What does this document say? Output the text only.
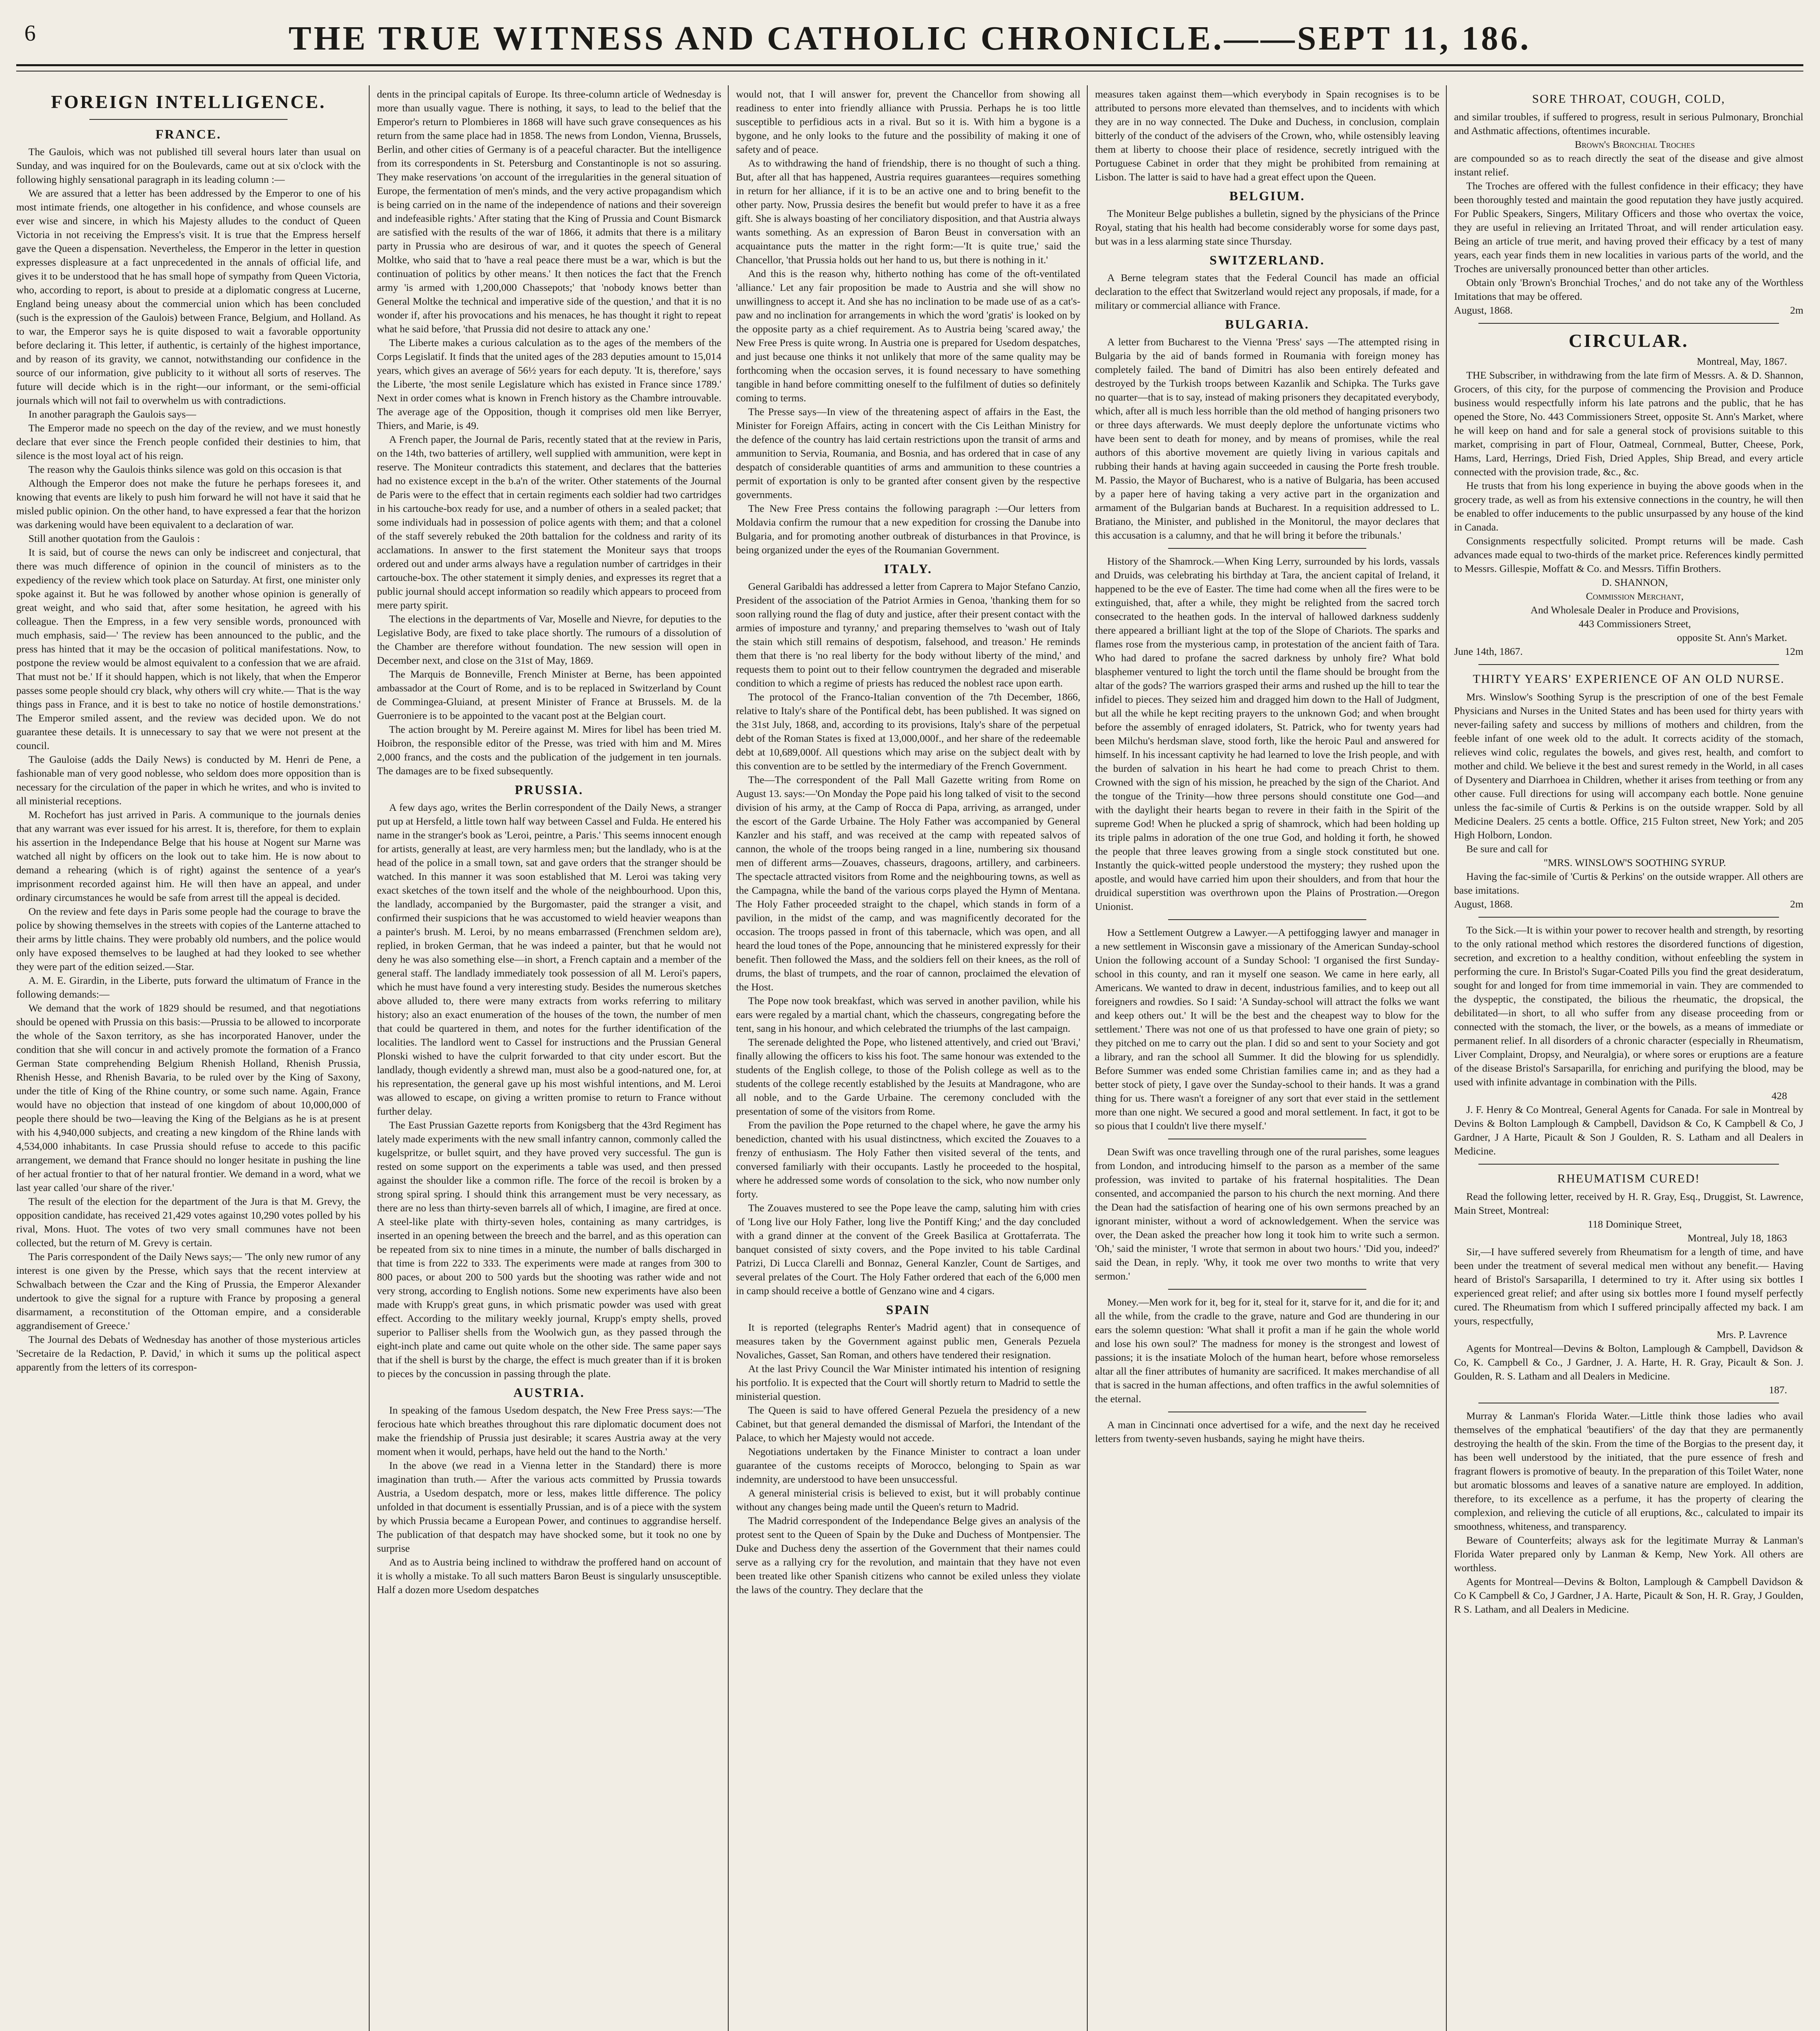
6	THE TRUE WITNESS AND CATHOLIC CHRONICLE.——SEPT 11, 186.
FOREIGN INTELLIGENCE.
FRANCE.

The Gaulois, which was not published till several hours later than usual on Sunday, and was inquired for on the Boulevards, came out at six o'clock with the following highly sensational paragraph in its leading column :—

We are assured that a letter has been addressed by the Emperor to one of his most intimate friends, one altogether in his confidence, and whose counsels are ever wise and sincere, in which his Majesty alludes to the conduct of Queen Victoria in not receiving the Empress's visit. It is true that the Empress herself gave the Queen a dispensation. Nevertheless, the Emperor in the letter in question expresses displeasure at a fact unprecedented in the annals of official life, and gives it to be understood that he has small hope of sympathy from Queen Victoria, who, according to report, is about to preside at a diplomatic congress at Lucerne, England being uneasy about the commercial union which has been concluded (such is the expression of the Gaulois) between France, Belgium, and Holland. As to war, the Emperor says he is quite disposed to wait a favorable opportunity before declaring it. This letter, if authentic, is certainly of the highest importance, and by reason of its gravity, we cannot, notwithstanding our confidence in the source of our information, give publicity to it without all sorts of reserves. The future will decide which is in the right—our informant, or the semi-official journals which will not fail to overwhelm us with contradictions.

In another paragraph the Gaulois says—

The Emperor made no speech on the day of the review, and we must honestly declare that ever since the French people confided their destinies to him, that silence is the most loyal act of his reign.

The reason why the Gaulois thinks silence was gold on this occasion is that

Although the Emperor does not make the future he perhaps foresees it, and knowing that events are likely to push him forward he will not have it said that he misled public opinion. On the other hand, to have expressed a fear that the horizon was darkening would have been equivalent to a declaration of war.

Still another quotation from the Gaulois :

It is said, but of course the news can only be indiscreet and conjectural, that there was much difference of opinion in the council of ministers as to the expediency of the review which took place on Saturday. At first, one minister only spoke against it. But he was followed by another whose opinion is generally of great weight, and who said that, after some hesitation, he agreed with his colleague. Then the Empress, in a few very sensible words, pronounced with much emphasis, said—' The review has been announced to the public, and the press has hinted that it may be the occasion of political manifestations. Now, to postpone the review would be almost equivalent to a confession that we are afraid. That must not be.' If it should happen, which is not likely, that when the Emperor passes some people should cry black, why others will cry white.— That is the way things pass in France, and it is best to take no notice of hostile demonstrations.' The Emperor smiled assent, and the review was decided upon. We do not guarantee these details. It is unnecessary to say that we were not present at the council.

The Gauloise (adds the Daily News) is conducted by M. Henri de Pene, a fashionable man of very good noblesse, who seldom does more opposition than is necessary for the circulation of the paper in which he writes, and who is invited to all ministerial receptions.

M. Rochefort has just arrived in Paris. A communique to the journals denies that any warrant was ever issued for his arrest. It is, therefore, for them to explain his assertion in the Independance Belge that his house at Nogent sur Marne was watched all night by officers on the look out to take him. He is now about to demand a rehearing (which is of right) against the sentence of a year's imprisonment recorded against him. He will then have an appeal, and under ordinary circumstances he would be safe from arrest till the appeal is decided.

On the review and fete days in Paris some people had the courage to brave the police by showing themselves in the streets with copies of the Lanterne attached to their arms by little chains. They were probably old numbers, and the police would only have exposed themselves to be laughed at had they looked to see whether they were part of the edition seized.—Star.

A. M. E. Girardin, in the Liberte, puts forward the ultimatum of France in the following demands:—

We demand that the work of 1829 should be resumed, and that negotiations should be opened with Prussia on this basis:—Prussia to be allowed to incorporate the whole of the Saxon territory, as she has incorporated Hanover, under the condition that she will concur in and actively promote the formation of a Franco German State comprehending Belgium Rhenish Holland, Rhenish Prussia, Rhenish Hesse, and Rhenish Bavaria, to be ruled over by the King of Saxony, under the title of King of the Rhine country, or some such name. Again, France would have no objection that instead of one kingdom of about 10,000,000 of people there should be two—leaving the King of the Belgians as he is at present with his 4,940,000 subjects, and creating a new kingdom of the Rhine lands with 4,534,000 inhabitants. In case Prussia should refuse to accede to this pacific arrangement, we demand that France should no longer hesitate in pushing the line of her actual frontier to that of her natural frontier. We demand in a word, what we last year called 'our share of the river.'

The result of the election for the department of the Jura is that M. Grevy, the opposition candidate, has received 21,429 votes against 10,290 votes polled by his rival, Mons. Huot. The votes of two very small communes have not been collected, but the return of M. Grevy is certain.

The Paris correspondent of the Daily News says;— 'The only new rumor of any interest is one given by the Presse, which says that the recent interview at Schwalbach between the Czar and the King of Prussia, the Emperor Alexander undertook to give the signal for a rupture with France by proposing a general disarmament, a reconstitution of the Ottoman empire, and a considerable aggrandisement of Greece.'

The Journal des Debats of Wednesday has another of those mysterious articles 'Secretaire de la Redaction, P. David,' in which it sums up the political aspect apparently from the letters of its correspon-

dents in the principal capitals of Europe. Its three-column article of Wednesday is more than usually vague. There is nothing, it says, to lead to the belief that the Emperor's return to Plombieres in 1868 will have such grave consequences as his return from the same place had in 1858. The news from London, Vienna, Brussels, Berlin, and other cities of Germany is of a peaceful character. But the intelligence from its correspondents in St. Petersburg and Constantinople is not so assuring. They make reservations 'on account of the irregularities in the general situation of Europe, the fermentation of men's minds, and the very active propagandism which is being carried on in the name of the independence of nations and their sovereign and indefeasible rights.' After stating that the King of Prussia and Count Bismarck are satisfied with the results of the war of 1866, it admits that there is a military party in Prussia who are desirous of war, and it quotes the speech of General Moltke, who said that to 'have a real peace there must be a war, which is but the continuation of politics by other means.' It then notices the fact that the French army 'is armed with 1,200,000 Chassepots;' that 'nobody knows better than General Moltke the technical and imperative side of the question,' and that it is no wonder if, after his provocations and his menaces, he has thought it right to repeat what he said before, 'that Prussia did not desire to attack any one.'

The Liberte makes a curious calculation as to the ages of the members of the Corps Legislatif. It finds that the united ages of the 283 deputies amount to 15,014 years, which gives an average of 56½ years for each deputy. 'It is, therefore,' says the Liberte, 'the most senile Legislature which has existed in France since 1789.' Next in order comes what is known in French history as the Chambre introuvable. The average age of the Opposition, though it comprises old men like Berryer, Thiers, and Marie, is 49.

A French paper, the Journal de Paris, recently stated that at the review in Paris, on the 14th, two batteries of artillery, well supplied with ammunition, were kept in reserve. The Moniteur contradicts this statement, and declares that the batteries had no existence except in the b.a'n of the writer. Other statements of the Journal de Paris were to the effect that in certain regiments each soldier had two cartridges in his cartouche-box ready for use, and a number of others in a sealed packet; that some individuals had in possession of police agents with them; and that a colonel of the staff severely rebuked the 20th battalion for the coldness and rarity of its acclamations. In answer to the first statement the Moniteur says that troops ordered out and under arms always have a regulation number of cartridges in their cartouche-box. The other statement it simply denies, and expresses its regret that a public journal should accept information so readily which appears to proceed from mere party spirit.

The elections in the departments of Var, Moselle and Nievre, for deputies to the Legislative Body, are fixed to take place shortly. The rumours of a dissolution of the Chamber are therefore without foundation. The new session will open in December next, and close on the 31st of May, 1869.

The Marquis de Bonneville, French Minister at Berne, has been appointed ambassador at the Court of Rome, and is to be replaced in Switzerland by Count de Commingea-Gluiand, at present Minister of France at Brussels. M. de la Guerroniere is to be appointed to the vacant post at the Belgian court.

The action brought by M. Pereire against M. Mires for libel has been tried M. Hoibron, the responsible editor of the Presse, was tried with him and M. Mires 2,000 francs, and the costs and the publication of the judgement in ten journals. The damages are to be fixed subsequently.

PRUSSIA.

A few days ago, writes the Berlin correspondent of the Daily News, a stranger put up at Hersfeld, a little town half way between Cassel and Fulda. He entered his name in the stranger's book as 'Leroi, peintre, a Paris.' This seems innocent enough for artists, generally at least, are very harmless men; but the landlady, who is at the head of the police in a small town, sat and gave orders that the stranger should be watched. In this manner it was soon established that M. Leroi was taking very exact sketches of the town itself and the whole of the neighbourhood. Upon this, the landlady, accompanied by the Burgomaster, paid the stranger a visit, and confirmed their suspicions that he was accustomed to wield heavier weapons than a painter's brush. M. Leroi, by no means embarrassed (Frenchmen seldom are), replied, in broken German, that he was indeed a painter, but that he would not deny he was also something else—in short, a French captain and a member of the general staff. The landlady immediately took possession of all M. Leroi's papers, which he must have found a very interesting study. Besides the numerous sketches above alluded to, there were many extracts from works referring to military history; also an exact enumeration of the houses of the town, the number of men that could be quartered in them, and notes for the further identification of the localities. The landlord went to Cassel for instructions and the Prussian General Plonski wished to have the culprit forwarded to that city under escort. But the landlady, though evidently a shrewd man, must also be a good-natured one, for, at his representation, the general gave up his most wishful intentions, and M. Leroi was allowed to escape, on giving a written promise to return to France without further delay.

The East Prussian Gazette reports from Konigsberg that the 43rd Regiment has lately made experiments with the new small infantry cannon, commonly called the kugelspritze, or bullet squirt, and they have proved very successful. The gun is rested on some support on the experiments a table was used, and then pressed against the shoulder like a common rifle. The force of the recoil is broken by a strong spiral spring. I should think this arrangement must be very necessary, as there are no less than thirty-seven barrels all of which, I imagine, are fired at once. A steel-like plate with thirty-seven holes, containing as many cartridges, is inserted in an opening between the breech and the barrel, and as this operation can be repeated from six to nine times in a minute, the number of balls discharged in that time is from 222 to 333. The experiments were made at ranges from 300 to 800 paces, or about 200 to 500 yards but the shooting was rather wide and not very strong, according to English notions. Some new experiments have also been made with Krupp's great guns, in which prismatic powder was used with great effect. According to the military weekly journal, Krupp's empty shells, proved superior to Palliser shells from the Woolwich gun, as they passed through the eight-inch plate and came out quite whole on the other side. The same paper says that if the shell is burst by the charge, the effect is much greater than if it is broken to pieces by the concussion in passing through the plate.

AUSTRIA.

In speaking of the famous Usedom despatch, the New Free Press says:—'The ferocious hate which breathes throughout this rare diplomatic document does not make the friendship of Prussia just desirable; it scares Austria away at the very moment when it would, perhaps, have held out the hand to the North.'

In the above (we read in a Vienna letter in the Standard) there is more imagination than truth.— After the various acts committed by Prussia towards Austria, a Usedom despatch, more or less, makes little difference. The policy unfolded in that document is essentially Prussian, and is of a piece with the system by which Prussia became a European Power, and continues to aggrandise herself. The publication of that despatch may have shocked some, but it took no one by surprise

And as to Austria being inclined to withdraw the proffered hand on account of it is wholly a mistake. To all such matters Baron Beust is singularly unsusceptible. Half a dozen more Usedom despatches

would not, that I will answer for, prevent the Chancellor from showing all readiness to enter into friendly alliance with Prussia. Perhaps he is too little susceptible to perfidious acts in a rival. But so it is. With him a bygone is a bygone, and he only looks to the future and the possibility of making it one of safety and of peace.

As to withdrawing the hand of friendship, there is no thought of such a thing. But, after all that has happened, Austria requires guarantees—requires something in return for her alliance, if it is to be an active one and to bring benefit to the other party. Now, Prussia desires the benefit but would prefer to have it as a free gift. She is always boasting of her conciliatory disposition, and that Austria always wants something. As an expression of Baron Beust in conversation with an acquaintance puts the matter in the right form:—'It is quite true,' said the Chancellor, 'that Prussia holds out her hand to us, but there is nothing in it.'

And this is the reason why, hitherto nothing has come of the oft-ventilated 'alliance.' Let any fair proposition be made to Austria and she will show no unwillingness to accept it. And she has no inclination to be made use of as a cat's-paw and no inclination for arrangements in which the word 'gratis' is looked on by the opposite party as a chief requirement. As to Austria being 'scared away,' the New Free Press is quite wrong. In Austria one is prepared for Usedom despatches, and just because one thinks it not unlikely that more of the same quality may be forthcoming when the occasion serves, it is found necessary to have something tangible in hand before committing oneself to the fulfilment of duties so definitely coming to terms.

The Presse says—In view of the threatening aspect of affairs in the East, the Minister for Foreign Affairs, acting in concert with the Cis Leithan Ministry for the defence of the country has laid certain restrictions upon the transit of arms and ammunition to Servia, Roumania, and Bosnia, and has ordered that in case of any despatch of considerable quantities of arms and ammunition to these countries a permit of exportation is only to be granted after consent given by the respective governments.

The New Free Press contains the following paragraph :—Our letters from Moldavia confirm the rumour that a new expedition for crossing the Danube into Bulgaria, and for promoting another outbreak of disturbances in that Province, is being organized under the eyes of the Roumanian Government.

ITALY.

General Garibaldi has addressed a letter from Caprera to Major Stefano Canzio, President of the association of the Patriot Armies in Genoa, 'thanking them for so soon rallying round the flag of duty and justice, after their present contact with the armies of imposture and tyranny,' and preparing themselves to 'wash out of Italy the stain which still remains of despotism, falsehood, and treason.' He reminds them that there is 'no real liberty for the body without liberty of the mind,' and requests them to point out to their fellow countrymen the degraded and miserable condition to which a regime of priests has reduced the noblest race upon earth.

The protocol of the Franco-Italian convention of the 7th December, 1866, relative to Italy's share of the Pontifical debt, has been published. It was signed on the 31st July, 1868, and, according to its provisions, Italy's share of the perpetual debt of the Roman States is fixed at 13,000,000f., and her share of the redeemable debt at 10,689,000f. All questions which may arise on the subject dealt with by this convention are to be settled by the intermediary of the French Government.

The—The correspondent of the Pall Mall Gazette writing from Rome on August 13. says:—'On Monday the Pope paid his long talked of visit to the second division of his army, at the Camp of Rocca di Papa, arriving, as arranged, under the escort of the Garde Urbaine. The Holy Father was accompanied by General Kanzler and his staff, and was received at the camp with repeated salvos of cannon, the whole of the troops being ranged in a line, numbering six thousand men of different arms—Zouaves, chasseurs, dragoons, artillery, and carbineers. The spectacle attracted visitors from Rome and the neighbouring towns, as well as the Campagna, while the band of the various corps played the Hymn of Mentana. The Holy Father proceeded straight to the chapel, which stands in form of a pavilion, in the midst of the camp, and was magnificently decorated for the occasion. The troops passed in front of this tabernacle, which was open, and all heard the loud tones of the Pope, announcing that he ministered expressly for their benefit. Then followed the Mass, and the soldiers fell on their knees, as the roll of drums, the blast of trumpets, and the roar of cannon, proclaimed the elevation of the Host.

The Pope now took breakfast, which was served in another pavilion, while his ears were regaled by a martial chant, which the chasseurs, congregating before the tent, sang in his honour, and which celebrated the triumphs of the last campaign.

The serenade delighted the Pope, who listened attentively, and cried out 'Bravi,' finally allowing the officers to kiss his foot. The same honour was extended to the students of the English college, to those of the Polish college as well as to the students of the college recently established by the Jesuits at Mandragone, who are all noble, and to the Garde Urbaine. The ceremony concluded with the presentation of some of the visitors from Rome.

From the pavilion the Pope returned to the chapel where, he gave the army his benediction, chanted with his usual distinctness, which excited the Zouaves to a frenzy of enthusiasm. The Holy Father then visited several of the tents, and conversed familiarly with their occupants. Lastly he proceeded to the hospital, where he addressed some words of consolation to the sick, who now number only forty.

The Zouaves mustered to see the Pope leave the camp, saluting him with cries of 'Long live our Holy Father, long live the Pontiff King;' and the day concluded with a grand dinner at the convent of the Greek Basilica at Grottaferrata. The banquet consisted of sixty covers, and the Pope invited to his table Cardinal Patrizi, Di Lucca Clarelli and Bonnaz, General Kanzler, Count de Sartiges, and several prelates of the Court. The Holy Father ordered that each of the 6,000 men in camp should receive a bottle of Genzano wine and 4 cigars.

SPAIN

It is reported (telegraphs Renter's Madrid agent) that in consequence of measures taken by the Government against public men, Generals Pezuela Novaliches, Gasset, San Roman, and others have tendered their resignation.

At the last Privy Council the War Minister intimated his intention of resigning his portfolio. It is expected that the Court will shortly return to Madrid to settle the ministerial question.

The Queen is said to have offered General Pezuela the presidency of a new Cabinet, but that general demanded the dismissal of Marfori, the Intendant of the Palace, to which her Majesty would not accede.

Negotiations undertaken by the Finance Minister to contract a loan under guarantee of the customs receipts of Morocco, belonging to Spain as war indemnity, are understood to have been unsuccessful.

A general ministerial crisis is believed to exist, but it will probably continue without any changes being made until the Queen's return to Madrid.

The Madrid correspondent of the Independance Belge gives an analysis of the protest sent to the Queen of Spain by the Duke and Duchess of Montpensier. The Duke and Duchess deny the assertion of the Government that their names could serve as a rallying cry for the revolution, and maintain that they have not even been treated like other Spanish citizens who cannot be exiled unless they violate the laws of the country. They declare that the

measures taken against them—which everybody in Spain recognises is to be attributed to persons more elevated than themselves, and to incidents with which they are in no way connected. The Duke and Duchess, in conclusion, complain bitterly of the conduct of the advisers of the Crown, who, while ostensibly leaving them at liberty to choose their place of residence, secretly intrigued with the Portuguese Cabinet in order that they might be prohibited from remaining at Lisbon. The latter is said to have had a great effect upon the Queen.

BELGIUM.

The Moniteur Belge publishes a bulletin, signed by the physicians of the Prince Royal, stating that his health had become considerably worse for some days past, but was in a less alarming state since Thursday.

SWITZERLAND.

A Berne telegram states that the Federal Council has made an official declaration to the effect that Switzerland would reject any proposals, if made, for a military or commercial alliance with France.

BULGARIA.

A letter from Bucharest to the Vienna 'Press' says —The attempted rising in Bulgaria by the aid of bands formed in Roumania with foreign money has completely failed. The band of Dimitri has also been entirely defeated and destroyed by the Turkish troops between Kazanlik and Schipka. The Turks gave no quarter—that is to say, instead of making prisoners they decapitated everybody, which, after all is much less horrible than the old method of hanging prisoners two or three days afterwards. We must deeply deplore the unfortunate victims who have been sent to death for money, and by means of promises, while the real authors of this abortive movement are quietly living in various capitals and rubbing their hands at having again succeeded in causing the Porte fresh trouble. M. Passio, the Mayor of Bucharest, who is a native of Bulgaria, has been accused by a paper here of having taking a very active part in the organization and armament of the Bulgarian bands at Bucharest. In a requisition addressed to L. Bratiano, the Minister, and published in the Monitorul, the mayor declares that this accusation is a calumny, and that he will bring it before the tribunals.'

History of the Shamrock.—When King Lerry, surrounded by his lords, vassals and Druids, was celebrating his birthday at Tara, the ancient capital of Ireland, it happened to be the eve of Easter. The time had come when all the fires were to be extinguished, that, after a while, they might be relighted from the sacred torch consecrated to the heathen gods. In the interval of hallowed darkness suddenly there appeared a brilliant light at the top of the Slope of Chariots. The sparks and flames rose from the mysterious camp, in protestation of the ancient faith of Tara. Who had dared to profane the sacred darkness by unholy fire? What bold blasphemer ventured to light the torch until the flame should be brought from the altar of the gods? The warriors grasped their arms and rushed up the hill to tear the infidel to pieces. They seized him and dragged him down to the Hall of Judgment, but all the while he kept reciting prayers to the unknown God; and when brought before the assembly of enraged idolaters, St. Patrick, who for twenty years had been Milchu's herdsman slave, stood forth, like the heroic Paul and answered for himself. In his incessant captivity he had learned to love the Irish people, and with the burden of salvation in his heart he had come to preach Christ to them. Crowned with the sign of his mission, he preached by the sign of the Chariot. And the tongue of the Trinity—how three persons should constitute one God—and with the daylight their hearts began to revere in their faith in the Spirit of the supreme God! When he plucked a sprig of shamrock, which had been holding up its triple palms in adoration of the one true God, and holding it forth, he showed the people that three leaves growing from a single stock constituted but one. Instantly the quick-witted people understood the mystery; they rushed upon the apostle, and would have carried him upon their shoulders, and from that hour the druidical superstition was overthrown upon the Plains of Prostration.—Oregon Unionist.

How a Settlement Outgrew a Lawyer.—A pettifogging lawyer and manager in a new settlement in Wisconsin gave a missionary of the American Sunday-school Union the following account of a Sunday School: 'I organised the first Sunday-school in this county, and ran it myself one season. We came in here early, all Americans. We wanted to draw in decent, industrious families, and to keep out all foreigners and rowdies. So I said: 'A Sunday-school will attract the folks we want and keep others out.' It will be the best and the cheapest way to blow for the settlement.' There was not one of us that professed to have one grain of piety; so they pitched on me to carry out the plan. I did so and sent to your Society and got a library, and ran the school all Summer. It did the blowing for us splendidly. Before Summer was ended some Christian families came in; and as they had a better stock of piety, I gave over the Sunday-school to their hands. It was a grand thing for us. There wasn't a foreigner of any sort that ever staid in the settlement more than one night. We secured a good and moral settlement. In fact, it got to be so pious that I couldn't live there myself.'

Dean Swift was once travelling through one of the rural parishes, some leagues from London, and introducing himself to the parson as a member of the same profession, was invited to partake of his fraternal hospitalities. The Dean consented, and accompanied the parson to his church the next morning. And there the Dean had the satisfaction of hearing one of his own sermons preached by an ignorant minister, without a word of acknowledgement. When the service was over, the Dean asked the preacher how long it took him to write such a sermon. 'Oh,' said the minister, 'I wrote that sermon in about two hours.' 'Did you, indeed?' said the Dean, in reply. 'Why, it took me over two months to write that very sermon.'

Money.—Men work for it, beg for it, steal for it, starve for it, and die for it; and all the while, from the cradle to the grave, nature and God are thundering in our ears the solemn question: 'What shall it profit a man if he gain the whole world and lose his own soul?' The madness for money is the strongest and lowest of passions; it is the insatiate Moloch of the human heart, before whose remorseless altar all the finer attributes of humanity are sacrificed. It makes merchandise of all that is sacred in the human affections, and often traffics in the awful solemnities of the eternal.

A man in Cincinnati once advertised for a wife, and the next day he received letters from twenty-seven husbands, saying he might have theirs.

SORE THROAT, COUGH, COLD,

and similar troubles, if suffered to progress, result in serious Pulmonary, Bronchial and Asthmatic affections, oftentimes incurable.

Brown's Bronchial Troches

are compounded so as to reach directly the seat of the disease and give almost instant relief.

The Troches are offered with the fullest confidence in their efficacy; they have been thoroughly tested and maintain the good reputation they have justly acquired. For Public Speakers, Singers, Military Officers and those who overtax the voice, they are useful in relieving an Irritated Throat, and will render articulation easy. Being an article of true merit, and having proved their efficacy by a test of many years, each year finds them in new localities in various parts of the world, and the Troches are universally pronounced better than other articles.

Obtain only 'Brown's Bronchial Troches,' and do not take any of the Worthless Imitations that may be offered.

August, 1868.	2m

CIRCULAR.

Montreal, May, 1867.

THE Subscriber, in withdrawing from the late firm of Messrs. A. & D. Shannon, Grocers, of this city, for the purpose of commencing the Provision and Produce business would respectfully inform his late patrons and the public, that he has opened the Store, No. 443 Commissioners Street, opposite St. Ann's Market, where he will keep on hand and for sale a general stock of provisions suitable to this market, comprising in part of Flour, Oatmeal, Cornmeal, Butter, Cheese, Pork, Hams, Lard, Herrings, Dried Fish, Dried Apples, Ship Bread, and every article connected with the provision trade, &c., &c.

He trusts that from his long experience in buying the above goods when in the grocery trade, as well as from his extensive connections in the country, he will then be enabled to offer inducements to the public unsurpassed by any house of the kind in Canada.

Consignments respectfully solicited. Prompt returns will be made. Cash advances made equal to two-thirds of the market price. References kindly permitted to Messrs. Gillespie, Moffatt & Co. and Messrs. Tiffin Brothers.

D. SHANNON,

Commission Merchant,

And Wholesale Dealer in Produce and Provisions,

443 Commissioners Street,

opposite St. Ann's Market.

June 14th, 1867.	12m

THIRTY YEARS' EXPERIENCE OF AN OLD NURSE.

Mrs. Winslow's Soothing Syrup is the prescription of one of the best Female Physicians and Nurses in the United States and has been used for thirty years with never-failing safety and success by millions of mothers and children, from the feeble infant of one week old to the adult. It corrects acidity of the stomach, relieves wind colic, regulates the bowels, and gives rest, health, and comfort to mother and child. We believe it the best and surest remedy in the World, in all cases of Dysentery and Diarrhoea in Children, whether it arises from teething or from any other cause. Full directions for using will accompany each bottle. None genuine unless the fac-simile of Curtis & Perkins is on the outside wrapper. Sold by all Medicine Dealers. 25 cents a bottle. Office, 215 Fulton street, New York; and 205 High Holborn, London.

Be sure and call for

"MRS. WINSLOW'S SOOTHING SYRUP.

Having the fac-simile of 'Curtis & Perkins' on the outside wrapper. All others are base imitations.

August, 1868.	2m

To the Sick.—It is within your power to recover health and strength, by resorting to the only rational method which restores the disordered functions of digestion, secretion, and excretion to a healthy condition, without enfeebling the system in performing the cure. In Bristol's Sugar-Coated Pills you find the great desideratum, sought for and longed for from time immemorial in vain. They are commended to the dyspeptic, the constipated, the bilious the rheumatic, the dropsical, the debilitated—in short, to all who suffer from any disease proceeding from or connected with the stomach, the liver, or the bowels, as a means of immediate or permanent relief. In all disorders of a chronic character (especially in Rheumatism, Liver Complaint, Dropsy, and Neuralgia), or where sores or eruptions are a feature of the disease Bristol's Sarsaparilla, for enriching and purifying the blood, may be used with infinite advantage in combination with the Pills.

428

J. F. Henry & Co Montreal, General Agents for Canada. For sale in Montreal by Devins & Bolton Lamplough & Campbell, Davidson & Co, K Campbell & Co, J Gardner, J A Harte, Picault & Son J Goulden, R. S. Latham and all Dealers in Medicine.

RHEUMATISM CURED!

Read the following letter, received by H. R. Gray, Esq., Druggist, St. Lawrence, Main Street, Montreal:

118 Dominique Street,

Montreal, July 18, 1863

Sir,—I have suffered severely from Rheumatism for a length of time, and have been under the treatment of several medical men without any benefit.— Having heard of Bristol's Sarsaparilla, I determined to try it. After using six bottles I experienced great relief; and after using six bottles more I found myself perfectly cured. The Rheumatism from which I suffered principally affected my back. I am yours, respectfully,

Mrs. P. Lavrence

Agents for Montreal—Devins & Bolton, Lamplough & Campbell, Davidson & Co, K. Campbell & Co., J Gardner, J. A. Harte, H. R. Gray, Picault & Son. J. Goulden, R. S. Latham and all Dealers in Medicine.

187.

Murray & Lanman's Florida Water.—Little think those ladies who avail themselves of the emphatical 'beautifiers' of the day that they are permanently destroying the health of the skin. From the time of the Borgias to the present day, it has been well understood by the initiated, that the pure essence of fresh and fragrant flowers is promotive of beauty. In the preparation of this Toilet Water, none but aromatic blossoms and leaves of a sanative nature are employed. In addition, therefore, to its excellence as a perfume, it has the property of clearing the complexion, and relieving the cuticle of all eruptions, &c., calculated to impair its smoothness, whiteness, and transparency.

Beware of Counterfeits; always ask for the legitimate Murray & Lanman's Florida Water prepared only by Lanman & Kemp, New York. All others are worthless.

Agents for Montreal—Devins & Bolton, Lamplough & Campbell Davidson & Co K Campbell & Co, J Gardner, J A. Harte, Picault & Son, H. R. Gray, J Goulden, R S. Latham, and all Dealers in Medicine.
